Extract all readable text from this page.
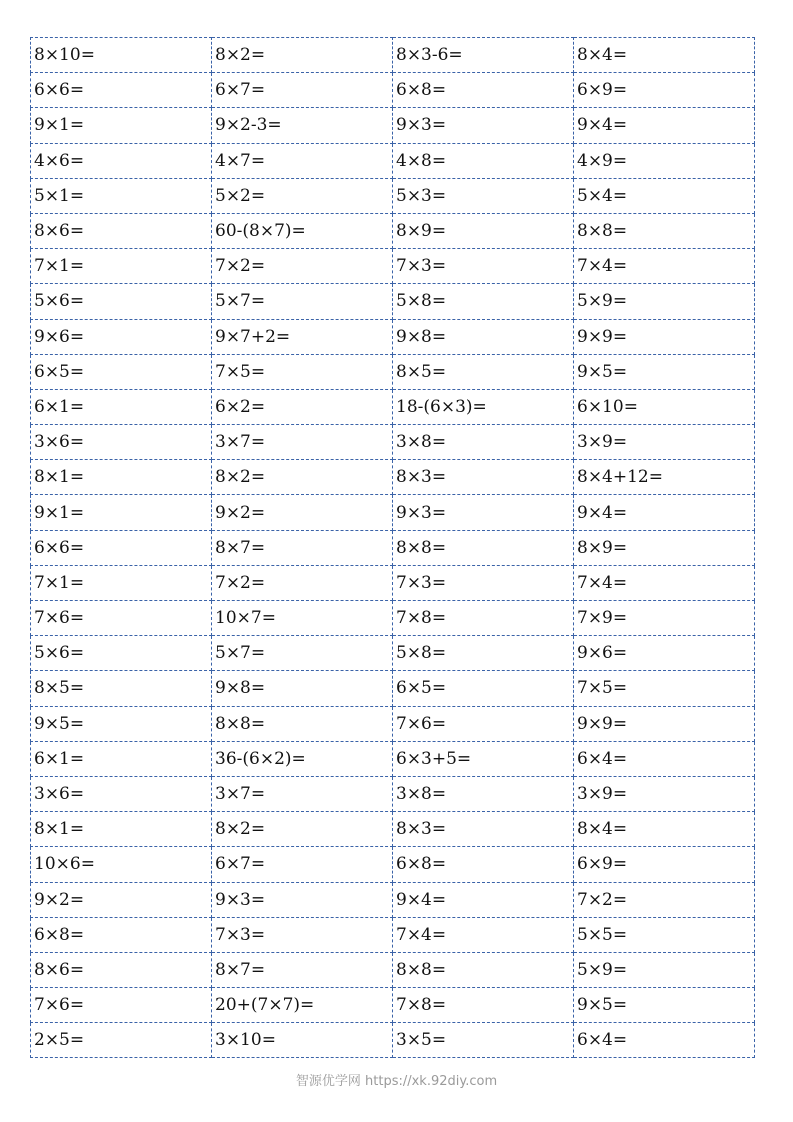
8×10=	8×2=	8×3-6=	8×4=
6×6=	6×7=	6×8=	6×9=
9×1=	9×2-3=	9×3=	9×4=
4×6=	4×7=	4×8=	4×9=
5×1=	5×2=	5×3=	5×4=
8×6=	60-(8×7)=	8×9=	8×8=
7×1=	7×2=	7×3=	7×4=
5×6=	5×7=	5×8=	5×9=
9×6=	9×7+2=	9×8=	9×9=
6×5=	7×5=	8×5=	9×5=
6×1=	6×2=	18-(6×3)=	6×10=
3×6=	3×7=	3×8=	3×9=
8×1=	8×2=	8×3=	8×4+12=
9×1=	9×2=	9×3=	9×4=
6×6=	8×7=	8×8=	8×9=
7×1=	7×2=	7×3=	7×4=
7×6=	10×7=	7×8=	7×9=
5×6=	5×7=	5×8=	9×6=
8×5=	9×8=	6×5=	7×5=
9×5=	8×8=	7×6=	9×9=
6×1=	36-(6×2)=	6×3+5=	6×4=
3×6=	3×7=	3×8=	3×9=
8×1=	8×2=	8×3=	8×4=
10×6=	6×7=	6×8=	6×9=
9×2=	9×3=	9×4=	7×2=
6×8=	7×3=	7×4=	5×5=
8×6=	8×7=	8×8=	5×9=
7×6=	20+(7×7)=	7×8=	9×5=
2×5=	3×10=	3×5=	6×4=
智源优学网 https://xk.92diy.com
